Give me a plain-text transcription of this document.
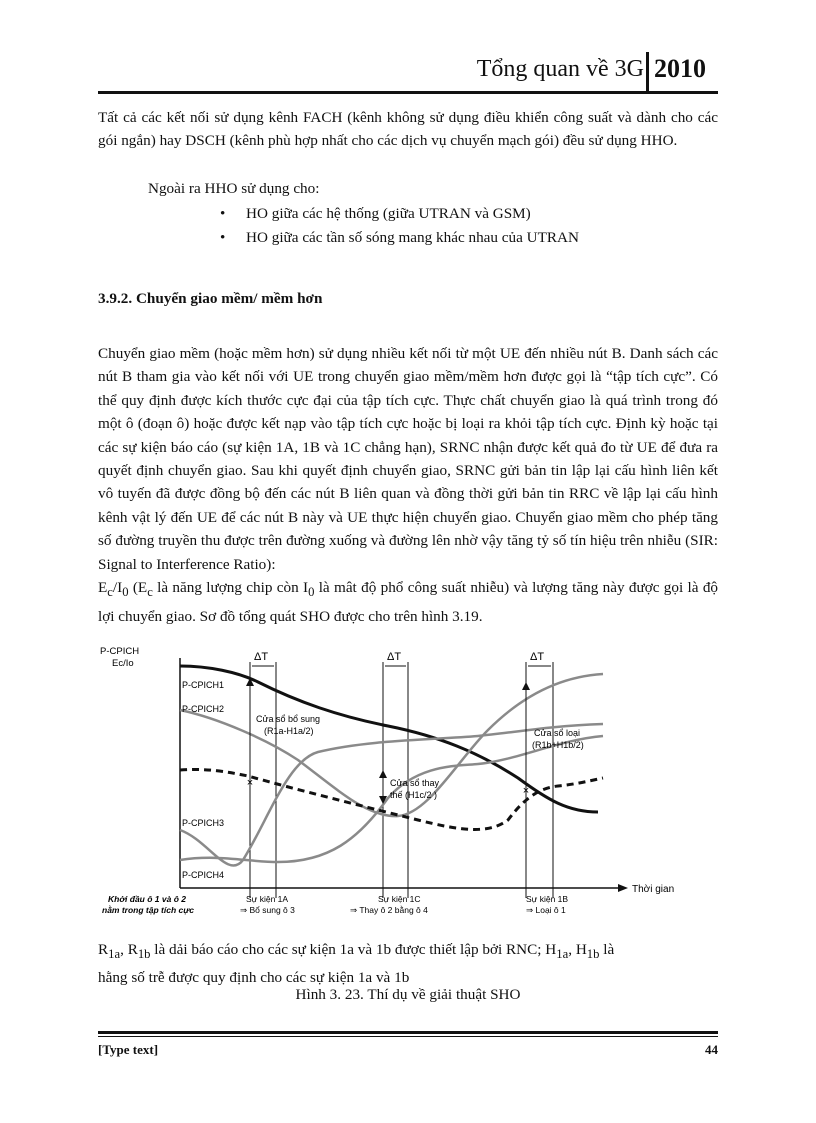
Tổng quan về 3G 2010

Tất cả các kết nối sử dụng kênh FACH (kênh không sử dụng điều khiển công suất và dành cho các gói ngắn) hay DSCH (kênh phù hợp nhất cho các dịch vụ chuyển mạch gói) đều sử dụng HHO.

Ngoài ra HHO sử dụng cho:
• HO giữa các hệ thống (giữa UTRAN và GSM)
• HO giữa các tần số sóng mang khác nhau của UTRAN
3.9.2. Chuyển giao mềm/ mềm hơn

Chuyển giao mềm (hoặc mềm hơn) sử dụng nhiều kết nối từ một UE đến nhiều nút B. Danh sách các nút B tham gia vào kết nối với UE trong chuyển giao mềm/mềm hơn được gọi là “tập tích cực”. Có thể quy định được kích thước cực đại của tập tích cực. Thực chất chuyển giao là quá trình trong đó một ô (đoạn ô) hoặc được kết nạp vào tập tích cực hoặc bị loại ra khỏi tập tích cực. Định kỳ hoặc tại các sự kiện báo cáo (sự kiện 1A, 1B và 1C chẳng hạn), SRNC nhận được kết quả đo từ UE để đưa ra quyết định chuyển giao. Sau khi quyết định chuyển giao, SRNC gửi bản tin lập lại cấu hình liên kết vô tuyến đã được đồng bộ đến các nút B liên quan và đồng thời gửi bản tin RRC về lập lại cấu hình kênh vật lý đến UE để các nút B này và UE thực hiện chuyển giao. Chuyển giao mềm cho phép tăng số đường truyền thu được trên đường xuống và đường lên nhờ vậy tăng tỷ số tín hiệu trên nhiễu (SIR: Signal to Interference Ratio):
$E_c/I_0$ ($E_c$ là năng lượng chip còn $I_0$ là mât độ phổ công suất nhiễu) và lượng tăng này được gọi là độ lợi chuyển giao. Sơ đồ tổng quát SHO được cho trên hình 3.19.

P-CPICH
Ec/Io
Thời gian
ΔT	ΔT	ΔT
×
×
P-CPICH1
P-CPICH2
P-CPICH3
P-CPICH4
Cửa sổ bổ sung
(R1a-H1a/2)
Cửa sổ thay
thế (H1c/2 )
Cửa sổ loại
(R1b+H1b/2)
Khởi đầu ô 1 và ô 2
nằm trong tập tích cực
Sự kiện 1A
⇒ Bổ sung ô 3
Sự kiện 1C
⇒ Thay ô 2 bằng ô 4
Sự kiện 1B
⇒ Loại ô 1

$R_{1a}$, $R_{1b}$ là dải báo cáo cho các sự kiện 1a và 1b được thiết lập bởi RNC; $H_{1a}$, $H_{1b}$ là
hằng số trễ được quy định cho các sự kiện 1a và 1b

Hình 3. 23. Thí dụ về giải thuật SHO
[Type text]	44
